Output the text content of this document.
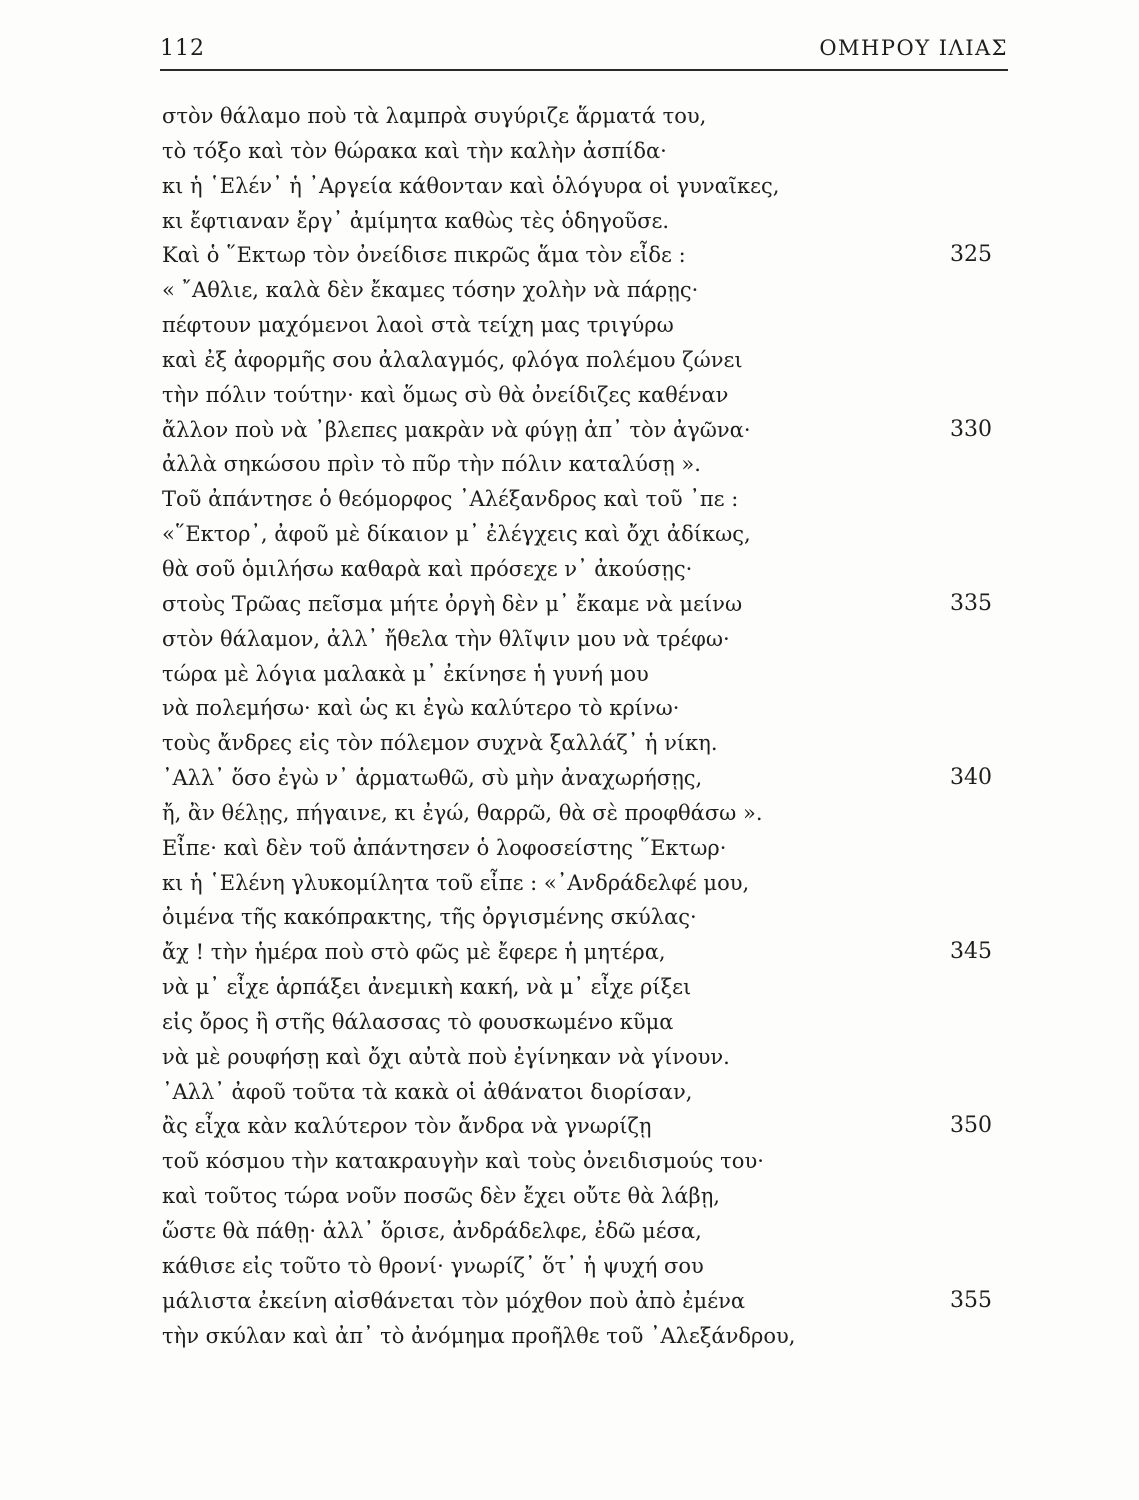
112	ΟΜΗΡΟΥ ΙΛΙΑΣ
στὸν θάλαμο ποὺ τὰ λαμπρὰ συγύριζε ἅρματά του,
τὸ τόξο καὶ τὸν θώρακα καὶ τὴν καλὴν ἀσπίδα·
κι ἡ ῾Ελέν᾽ ἡ ᾽Αργεία κάθονταν καὶ ὁλόγυρα οἱ γυναῖκες,
κι ἔφτιαναν ἔργ᾽ ἀμίμητα καθὼς τὲς ὁδηγοῦσε.
Καὶ ὁ ῞Εκτωρ τὸν ὀνείδισε πικρῶς ἅμα τὸν εἶδε :	325
« ῎Αθλιε, καλὰ δὲν ἔκαμες τόσην χολὴν νὰ πάρῃς·
πέφτουν μαχόμενοι λαοὶ στὰ τείχη μας τριγύρω
καὶ ἐξ ἀφορμῆς σου ἀλαλαγμός, φλόγα πολέμου ζώνει
τὴν πόλιν τούτην· καὶ ὅμως σὺ θὰ ὀνείδιζες καθέναν
ἄλλον ποὺ νὰ ᾽βλεπες μακρὰν νὰ φύγῃ ἀπ᾽ τὸν ἀγῶνα·	330
ἀλλὰ σηκώσου πρὶν τὸ πῦρ τὴν πόλιν καταλύσῃ ».
Τοῦ ἀπάντησε ὁ θεόμορφος ᾽Αλέξανδρος καὶ τοῦ ᾽πε :
«῞Εκτορ᾽, ἀφοῦ μὲ δίκαιον μ᾽ ἐλέγχεις καὶ ὄχι ἀδίκως,
θὰ σοῦ ὁμιλήσω καθαρὰ καὶ πρόσεχε ν᾽ ἀκούσῃς·
στοὺς Τρῶας πεῖσμα μήτε ὀργὴ δὲν μ᾽ ἔκαμε νὰ μείνω	335
στὸν θάλαμον, ἀλλ᾽ ἤθελα τὴν θλῖψιν μου νὰ τρέφω·
τώρα μὲ λόγια μαλακὰ μ᾽ ἐκίνησε ἡ γυνή μου
νὰ πολεμήσω· καὶ ὡς κι ἐγὼ καλύτερο τὸ κρίνω·
τοὺς ἄνδρες εἰς τὸν πόλεμον συχνὰ ξαλλάζ᾽ ἡ νίκη.
᾽Αλλ᾽ ὅσο ἐγὼ ν᾽ ἁρματωθῶ, σὺ μὴν ἀναχωρήσῃς,	340
ἤ, ἂν θέλῃς, πήγαινε, κι ἐγώ, θαρρῶ, θὰ σὲ προφθάσω ».
Εἶπε· καὶ δὲν τοῦ ἀπάντησεν ὁ λοφοσείστης ῞Εκτωρ·
κι ἡ ῾Ελένη γλυκομίλητα τοῦ εἶπε : «᾽Ανδράδελφέ μου,
ὀιμένα τῆς κακόπρακτης, τῆς ὀργισμένης σκύλας·
ἄχ ! τὴν ἡμέρα ποὺ στὸ φῶς μὲ ἔφερε ἡ μητέρα,	345
νὰ μ᾽ εἶχε ἁρπάξει ἀνεμικὴ κακή, νὰ μ᾽ εἶχε ρίξει
εἰς ὄρος ἢ στῆς θάλασσας τὸ φουσκωμένο κῦμα
νὰ μὲ ρουφήσῃ καὶ ὄχι αὐτὰ ποὺ ἐγίνηκαν νὰ γίνουν.
᾽Αλλ᾽ ἀφοῦ τοῦτα τὰ κακὰ οἱ ἀθάνατοι διορίσαν,
ἂς εἶχα κὰν καλύτερον τὸν ἄνδρα νὰ γνωρίζῃ	350
τοῦ κόσμου τὴν κατακραυγὴν καὶ τοὺς ὀνειδισμούς του·
καὶ τοῦτος τώρα νοῦν ποσῶς δὲν ἔχει οὔτε θὰ λάβῃ,
ὥστε θὰ πάθῃ· ἀλλ᾽ ὅρισε, ἀνδράδελφε, ἐδῶ μέσα,
κάθισε εἰς τοῦτο τὸ θρονί· γνωρίζ᾽ ὅτ᾽ ἡ ψυχή σου
μάλιστα ἐκείνη αἰσθάνεται τὸν μόχθον ποὺ ἀπὸ ἐμένα	355
τὴν σκύλαν καὶ ἀπ᾽ τὸ ἀνόμημα προῆλθε τοῦ ᾽Αλεξάνδρου,
